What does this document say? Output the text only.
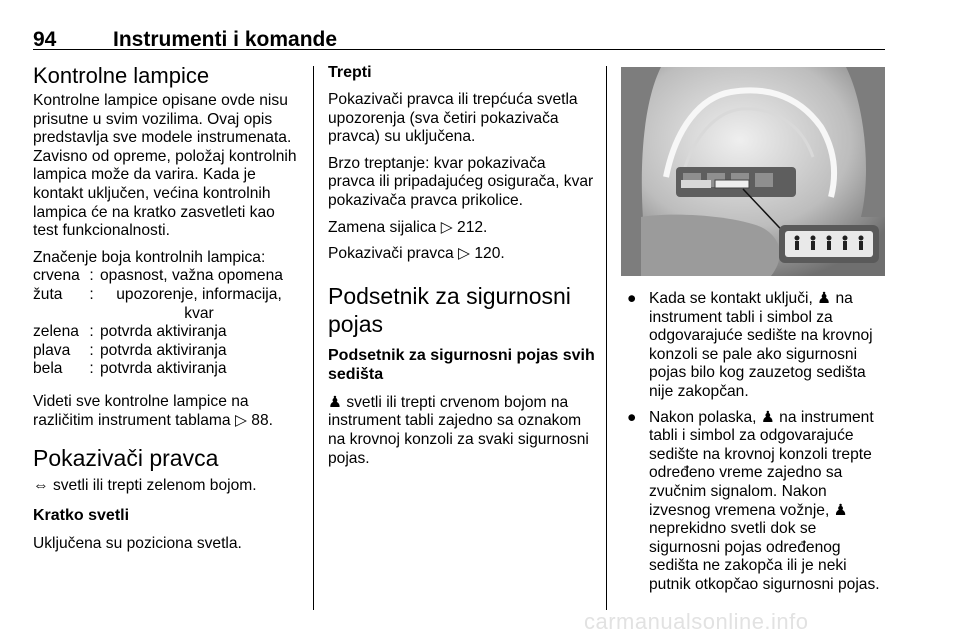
94	Instrumenti i komande
Kontrolne lampice

Kontrolne lampice opisane ovde nisu prisutne u svim vozilima. Ovaj opis predstavlja sve modele instrumenata. Zavisno od opreme, položaj kontrolnih lampica može da varira. Kada je kontakt uključen, većina kontrolnih lampica će na kratko zasvetleti kao test funkcionalnosti.

Značenje boja kontrolnih lampica:

crvena	:	opasnost, važna opomena
žuta	:	upozorenje, informacija, kvar
zelena	:	potvrda aktiviranja
plava	:	potvrda aktiviranja
bela	:	potvrda aktiviranja

Videti sve kontrolne lampice na različitim instrument tablama ▷ 88.

Pokazivači pravca

⇔ svetli ili trepti zelenom bojom.

Kratko svetli

Uključena su poziciona svetla.

Trepti

Pokazivači pravca ili trepćuća svetla upozorenja (sva četiri pokazivača pravca) su uključena.

Brzo treptanje: kvar pokazivača pravca ili pripadajućeg osigurača, kvar pokazivača pravca prikolice.

Zamena sijalica ▷ 212.

Pokazivači pravca ▷ 120.

Podsetnik za sigurnosni pojas
Podsetnik za sigurnosni pojas svih sedišta

♟ svetli ili trepti crvenom bojom na instrument tabli zajedno sa oznakom na krovnoj konzoli za svaki sigurnosni pojas.

● Kada se kontakt uključi, ♟ na instrument tabli i simbol za odgovarajuće sedište na krovnoj konzoli se pale ako sigurnosni pojas bilo kog zauzetog sedišta nije zakopčan.
● Nakon polaska, ♟ na instrument tabli i simbol za odgovarajuće sedište na krovnoj konzoli trepte određeno vreme zajedno sa zvučnim signalom. Nakon izvesnog vremena vožnje, ♟ neprekidno svetli dok se sigurnosni pojas određenog sedišta ne zakopča ili je neki putnik otkopčao sigurnosni pojas.
carmanualsonline.info
